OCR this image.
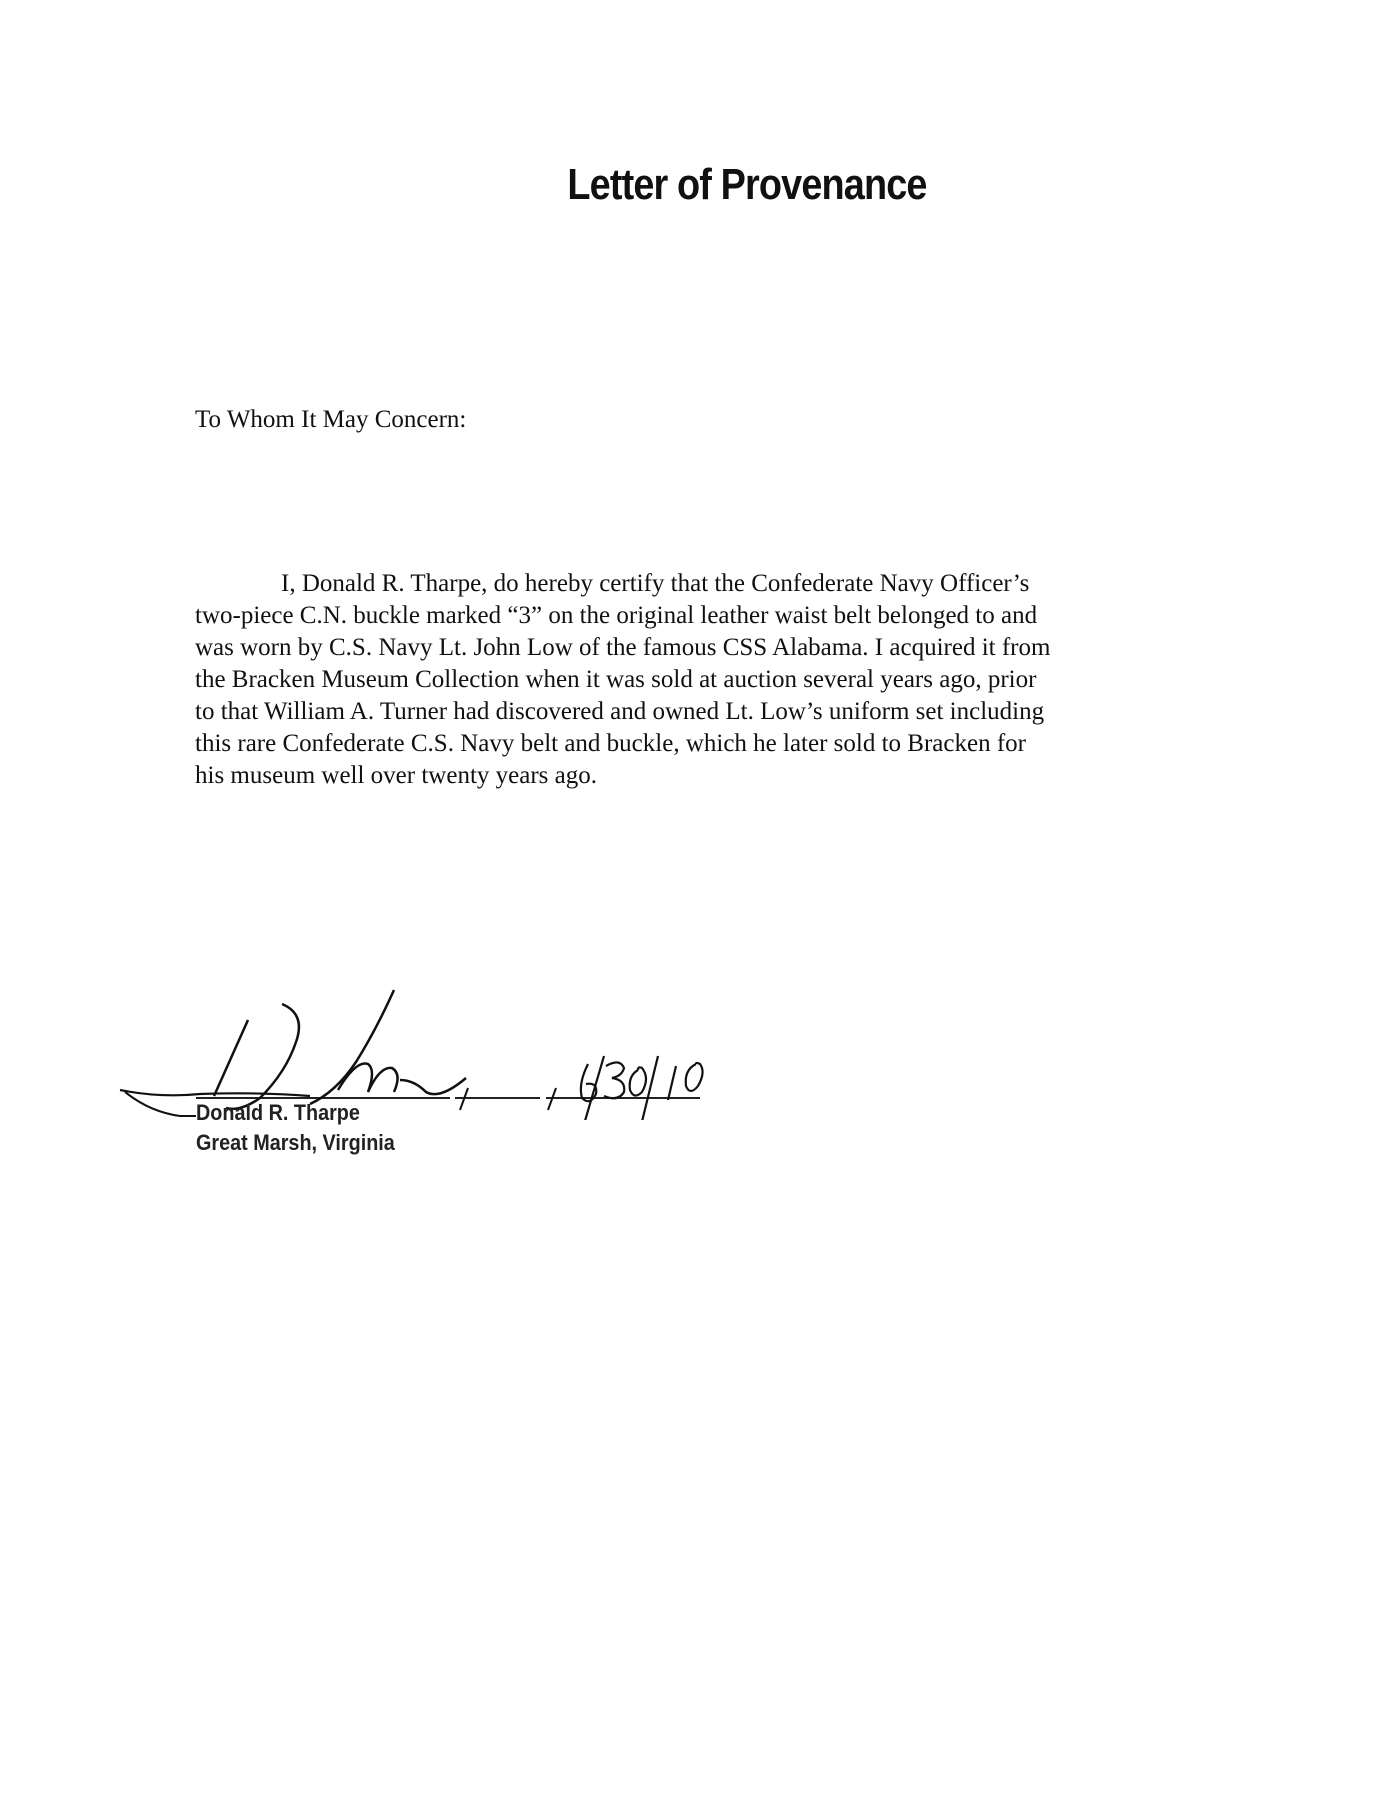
Letter of Provenance
To Whom It May Concern:
I, Donald R. Tharpe, do hereby certify that the Confederate Navy Officer’s
two-piece C.N. buckle marked “3” on the original leather waist belt belonged to and
was worn by C.S. Navy Lt. John Low of the famous CSS Alabama. I acquired it from
the Bracken Museum Collection when it was sold at auction several years ago, prior
to that William A. Turner had discovered and owned Lt. Low’s uniform set including
this rare Confederate C.S. Navy belt and buckle, which he later sold to Bracken for
his museum well over twenty years ago.
Donald R. Tharpe
Great Marsh, Virginia
